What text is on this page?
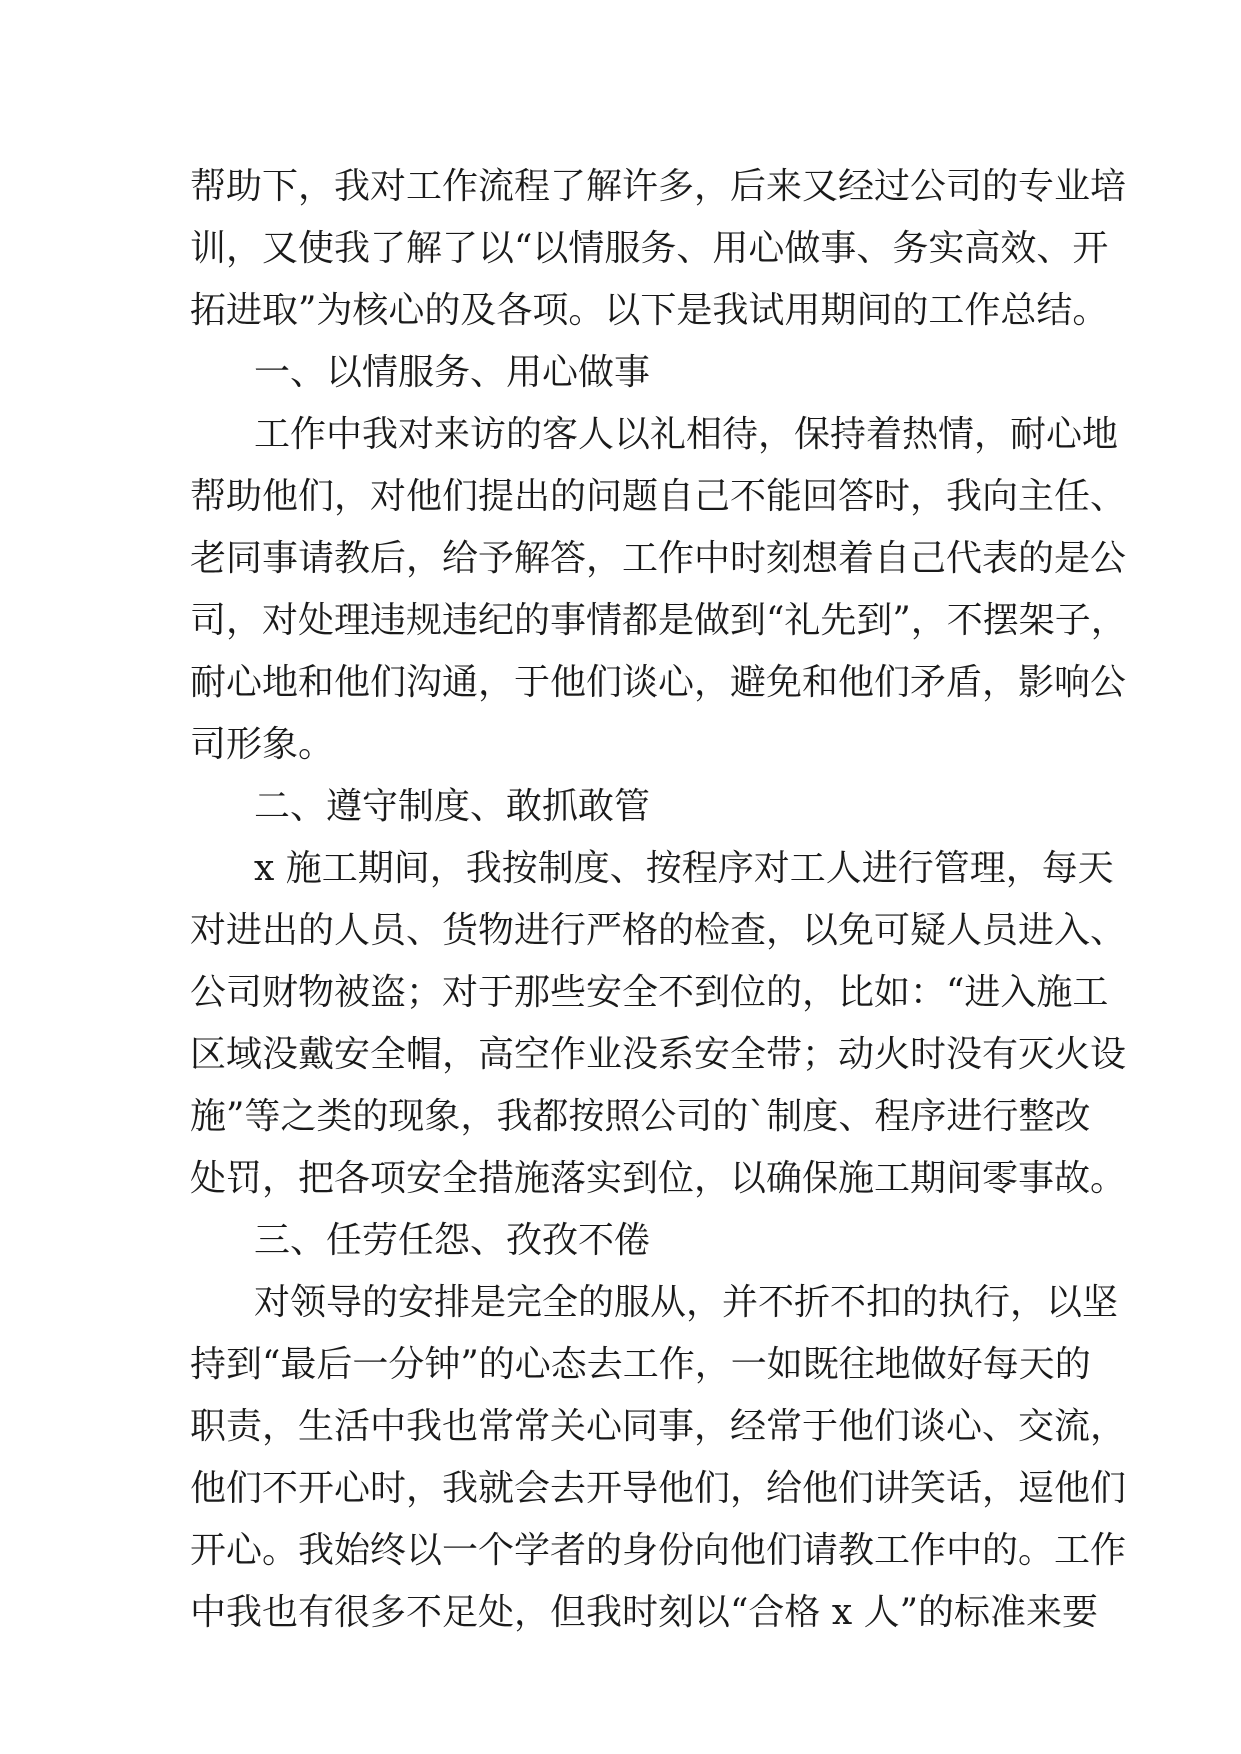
帮助下，我对工作流程了解许多，后来又经过公司的专业培
训，又使我了解了以“以情服务、用心做事、务实高效、开
拓进取”为核心的及各项。以下是我试用期间的工作总结。
一、以情服务、用心做事
工作中我对来访的客人以礼相待，保持着热情，耐心地
帮助他们，对他们提出的问题自己不能回答时，我向主任、
老同事请教后，给予解答，工作中时刻想着自己代表的是公
司，对处理违规违纪的事情都是做到“礼先到”，不摆架子，
耐心地和他们沟通，于他们谈心，避免和他们矛盾，影响公
司形象。
二、遵守制度、敢抓敢管
x 施工期间，我按制度、按程序对工人进行管理，每天
对进出的人员、货物进行严格的检查，以免可疑人员进入、
公司财物被盗；对于那些安全不到位的，比如：“进入施工
区域没戴安全帽，高空作业没系安全带；动火时没有灭火设
施”等之类的现象，我都按照公司的`制度、程序进行整改
处罚，把各项安全措施落实到位，以确保施工期间零事故。
三、任劳任怨、孜孜不倦
对领导的安排是完全的服从，并不折不扣的执行，以坚
持到“最后一分钟”的心态去工作，一如既往地做好每天的
职责，生活中我也常常关心同事，经常于他们谈心、交流，
他们不开心时，我就会去开导他们，给他们讲笑话，逗他们
开心。我始终以一个学者的身份向他们请教工作中的。工作
中我也有很多不足处，但我时刻以“合格 x 人”的标准来要
